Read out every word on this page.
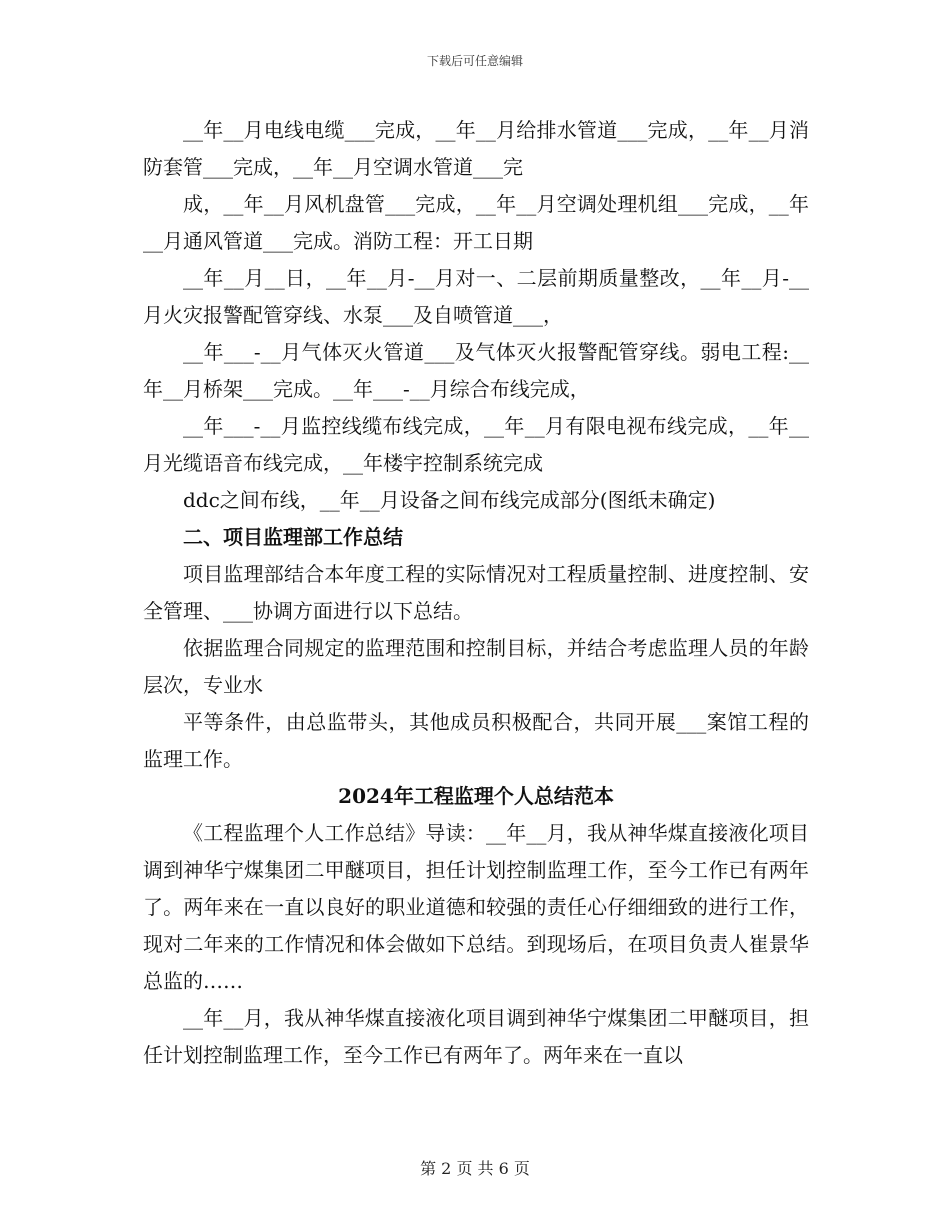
下载后可任意编辑

__年__月电线电缆___完成，__年__月给排水管道___完成，__年__月消防套管___完成，__年__月空调水管道___完

成，__年__月风机盘管___完成，__年__月空调处理机组___完成，__年__月通风管道___完成。消防工程：开工日期

__年__月__日，__年__月-__月对一、二层前期质量整改，__年__月-__月火灾报警配管穿线、水泵___及自喷管道___，

__年___-__月气体灭火管道___及气体灭火报警配管穿线。弱电工程:__年__月桥架___完成。__年___-__月综合布线完成，

__年___-__月监控线缆布线完成，__年__月有限电视布线完成，__年__月光缆语音布线完成，__年楼宇控制系统完成

ddc之间布线，__年__月设备之间布线完成部分(图纸未确定)

二、项目监理部工作总结

项目监理部结合本年度工程的实际情况对工程质量控制、进度控制、安全管理、___协调方面进行以下总结。

依据监理合同规定的监理范围和控制目标，并结合考虑监理人员的年龄层次，专业水

平等条件，由总监带头，其他成员积极配合，共同开展___案馆工程的监理工作。

2024年工程监理个人总结范本

《工程监理个人工作总结》导读：__年__月，我从神华煤直接液化项目调到神华宁煤集团二甲醚项目，担任计划控制监理工作，至今工作已有两年了。两年来在一直以良好的职业道德和较强的责任心仔细细致的进行工作，现对二年来的工作情况和体会做如下总结。到现场后，在项目负责人崔景华总监的……

__年__月，我从神华煤直接液化项目调到神华宁煤集团二甲醚项目，担任计划控制监理工作，至今工作已有两年了。两年来在一直以

第 2 页 共 6 页
